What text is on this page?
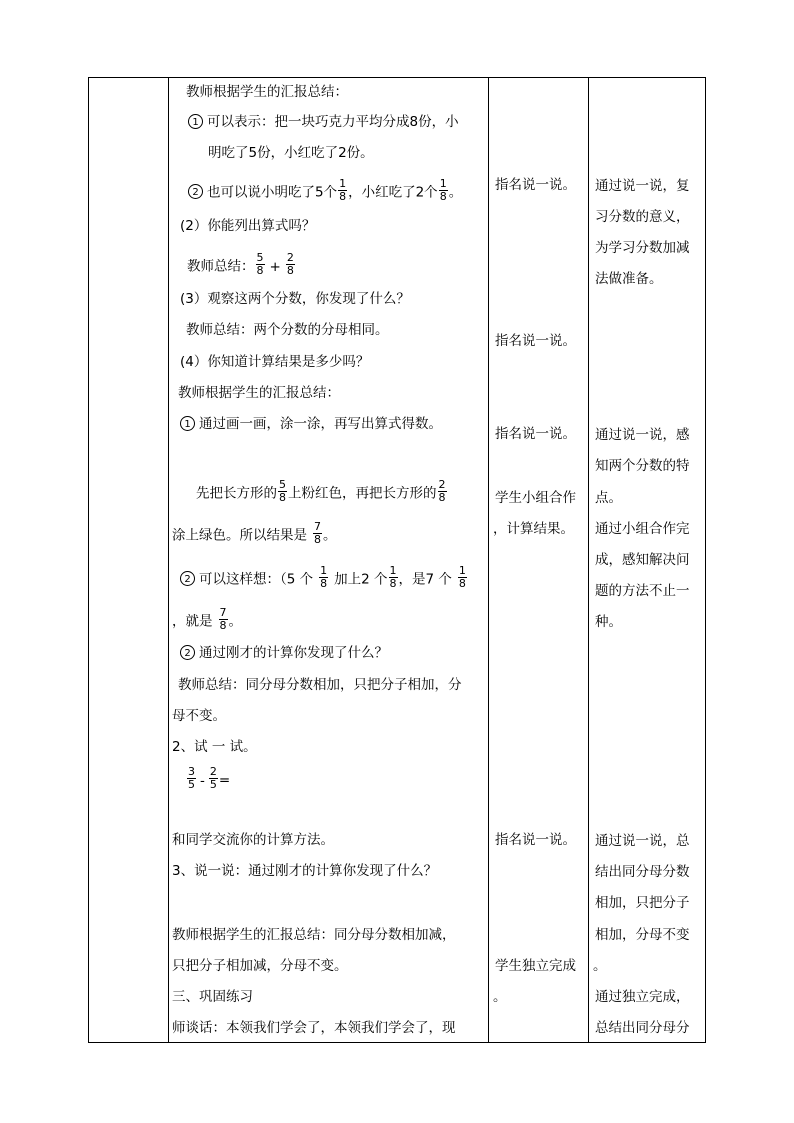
教师根据学生的汇报总结：
1 可以表示：把一块巧克力平均分成8份，小
明吃了5份，小红吃了2份。
2 也可以说小明吃了5个 $\frac{1}{8}$ ，小红吃了2个 $\frac{1}{8}$ 。
(2）你能列出算式吗？
教师总结： $\frac{5}{8} + \frac{2}{8}$
(3）观察这两个分数，你发现了什么？
教师总结：两个分数的分母相同。
(4）你知道计算结果是多少吗？
教师根据学生的汇报总结：
1 通过画一画，涂一涂，再写出算式得数。
先把长方形的 $\frac{5}{8}$ 上粉红色，再把长方形的 $\frac{2}{8}$
涂上绿色。所以结果是 $\frac{7}{8}$ 。
2 可以这样想：（5 个 $\frac{1}{8}$ 加上2 个 $\frac{1}{8}$ ，是7 个 $\frac{1}{8}$
，就是 $\frac{7}{8}$ 。
2 通过刚才的计算你发现了什么？
教师总结：同分母分数相加，只把分子相加，分
母不变。
2、试 一 试。
$\frac{3}{5} - \frac{2}{5}$ =
和同学交流你的计算方法。
3、说一说：通过刚才的计算你发现了什么？
教师根据学生的汇报总结：同分母分数相加减，
只把分子相加减，分母不变。
三、巩固练习
师谈话：本领我们学会了，本领我们学会了，现
指名说一说。
指名说一说。
指名说一说。
学生小组合作
，计算结果。
指名说一说。
学生独立完成
。
通过说一说，复
习分数的意义，
为学习分数加减
法做准备。
通过说一说，感
知两个分数的特
点。
通过小组合作完
成，感知解决问
题的方法不止一
种。
通过说一说，总
结出同分母分数
相加，只把分子
相加，分母不变
。
通过独立完成，
总结出同分母分
